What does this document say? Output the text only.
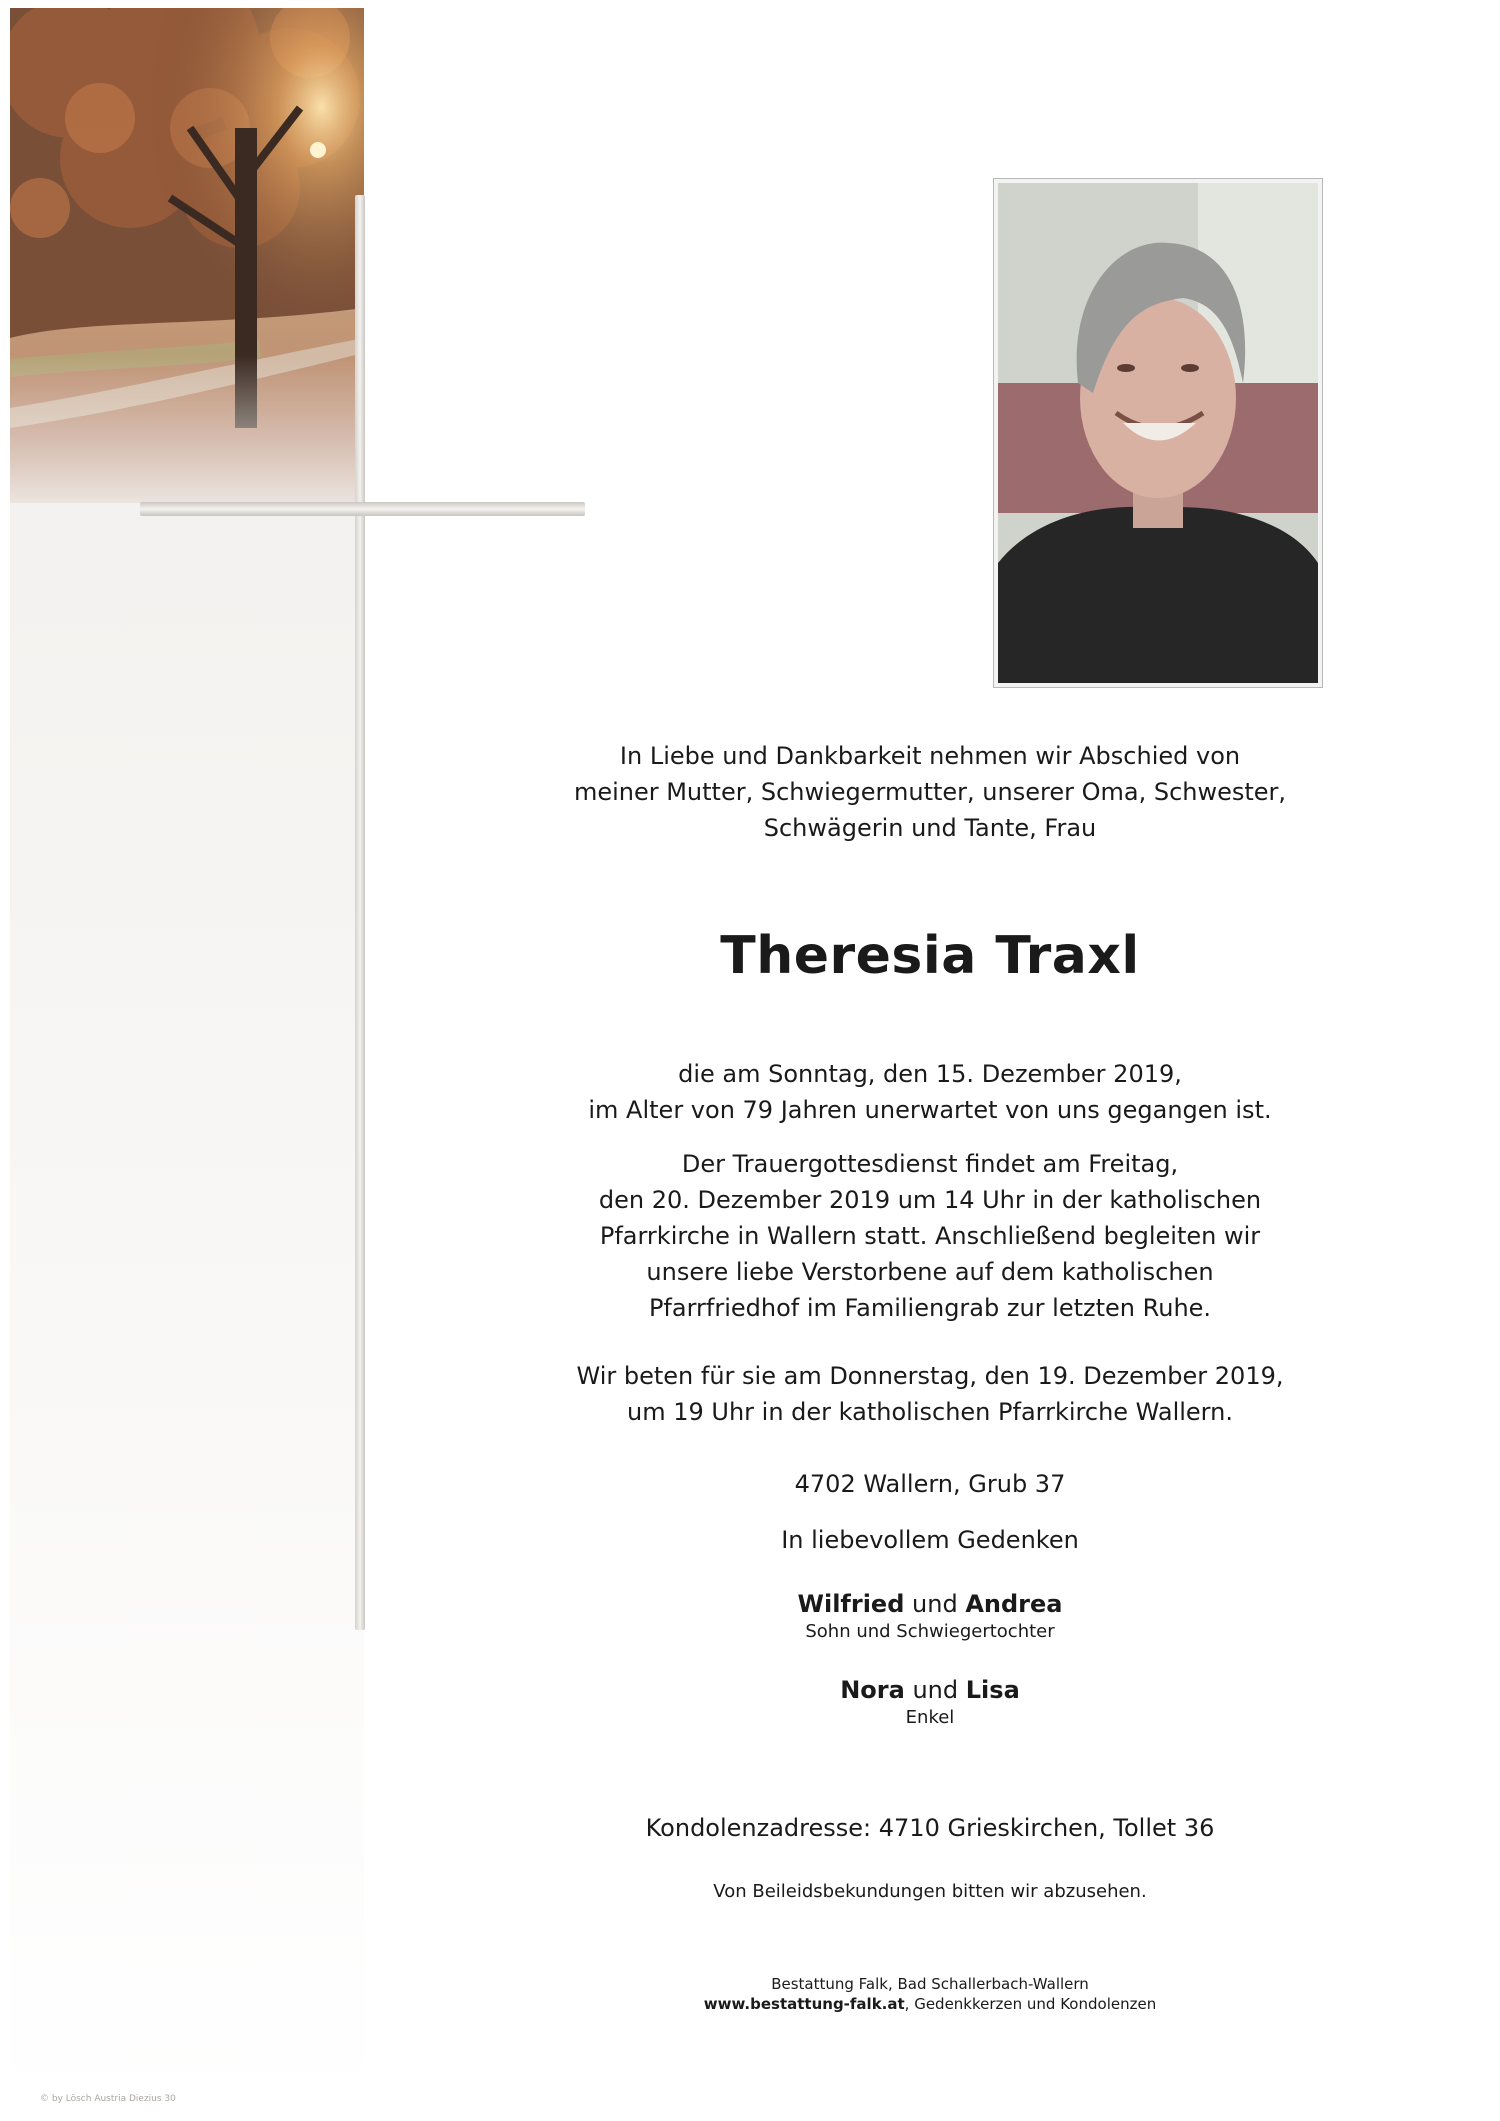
© by Lösch Austria Diezius 30

In Liebe und Dankbarkeit nehmen wir Abschied von

meiner Mutter, Schwiegermutter, unserer Oma, Schwester,

Schwägerin und Tante, Frau

Theresia Traxl

die am Sonntag, den 15. Dezember 2019,

im Alter von 79 Jahren unerwartet von uns gegangen ist.

Der Trauergottesdienst findet am Freitag,

den 20. Dezember 2019 um 14 Uhr in der katholischen

Pfarrkirche in Wallern statt. Anschließend begleiten wir

unsere liebe Verstorbene auf dem katholischen

Pfarrfriedhof im Familiengrab zur letzten Ruhe.

Wir beten für sie am Donnerstag, den 19. Dezember 2019,

um 19 Uhr in der katholischen Pfarrkirche Wallern.

4702 Wallern, Grub 37

In liebevollem Gedenken

Wilfried und Andrea

Sohn und Schwiegertochter

Nora und Lisa

Enkel

Kondolenzadresse: 4710 Grieskirchen, Tollet 36

Von Beileidsbekundungen bitten wir abzusehen.

Bestattung Falk, Bad Schallerbach-Wallern
www.bestattung-falk.at, Gedenkkerzen und Kondolenzen
